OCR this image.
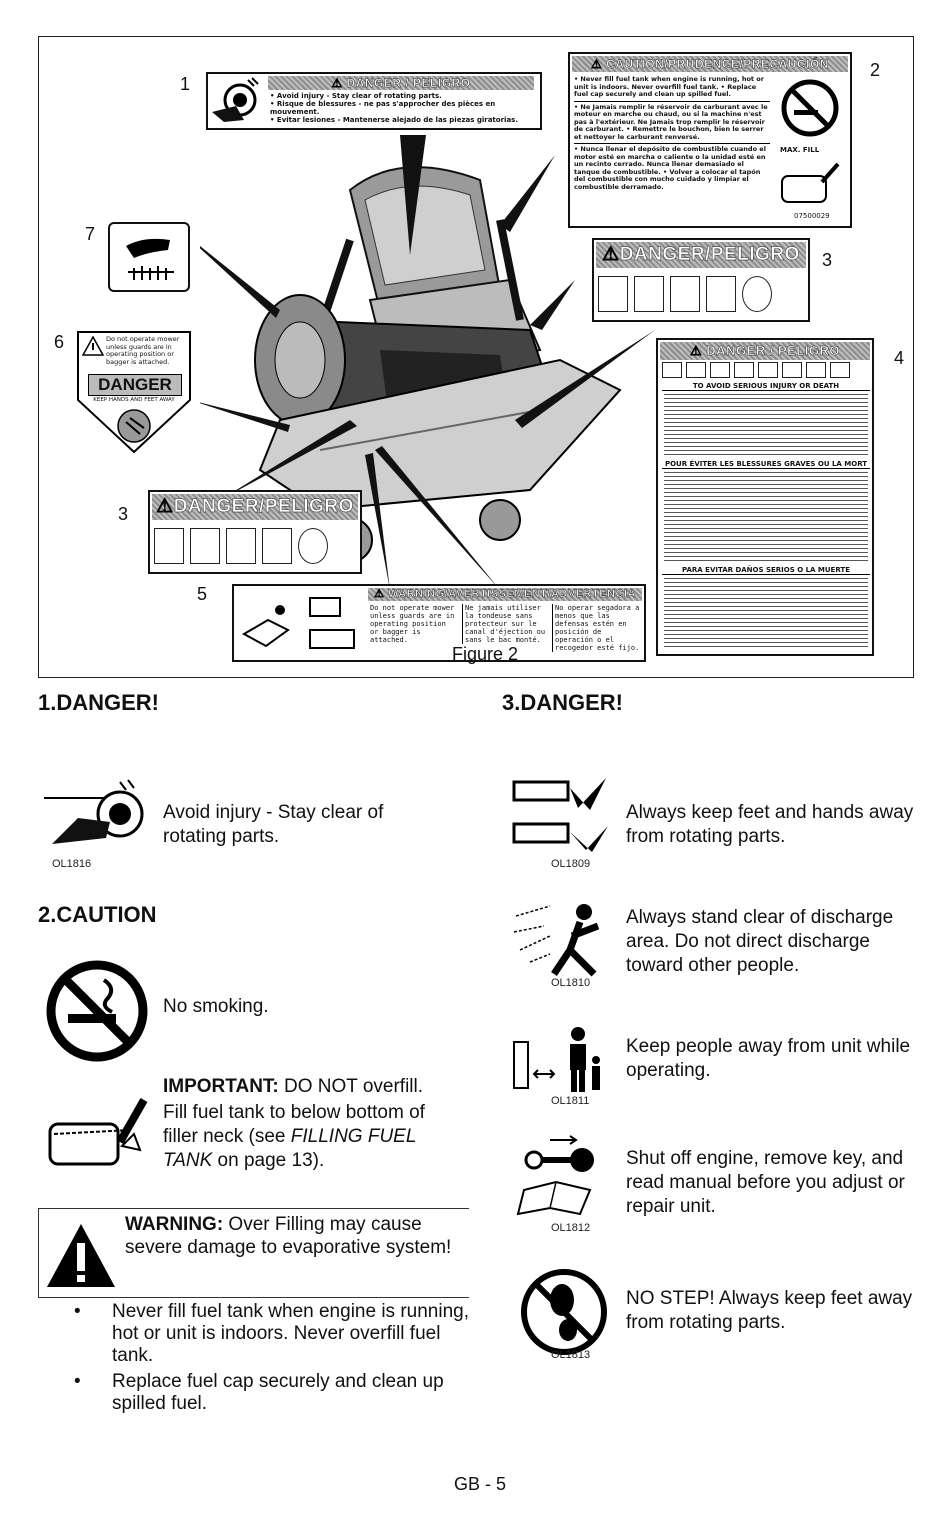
1
2
3
4
5
6
7
3
⚠ DANGER / PELIGRO
• Avoid injury - Stay clear of rotating parts.
• Risque de blessures - ne pas s'approcher des pièces en mouvement.
• Evitar lesiones - Mantenerse alejado de las piezas giratorias.
⚠ CAUTION/PRUDENCE/PRECAUCIÓN
• Never fill fuel tank when engine is running, hot or unit is indoors. Never overfill fuel tank. • Replace fuel cap securely and clean up spilled fuel.
• Ne Jamais remplir le réservoir de carburant avec le moteur en marche ou chaud, ou si la machine n'est pas à l'extérieur. Ne Jamais trop remplir le réservoir de carburant. • Remettre le bouchon, bien le serrer et nettoyer le carburant renversé.
• Nunca llenar el depósito de combustible cuando el motor esté en marcha o caliente o la unidad esté en un recinto cerrado. Nunca llenar demasiado el tanque de combustible. • Volver a colocar el tapón del combustible con mucho cuidado y limpiar el combustible derramado.
MAX. FILL
07500029
⚠DANGER/PELIGRO
⚠ DANGER / PELIGRO
TO AVOID SERIOUS INJURY OR DEATH
POUR ÉVITER LES BLESSURES GRAVES OU LA MORT
PARA EVITAR DAÑOS SERIOS O LA MUERTE
⚠DANGER/PELIGRO
⚠ WARNING/AVERTISSEMENT/ADVERTENCIA
Do not operate mower unless guards are in operating position or bagger is attached.
Ne jamais utiliser la tondeuse sans protecteur sur le canal d'éjection ou sans le bac monté.
No operar segadora a menos que las defensas estén en posición de operación o el recogedor esté fijo.
Do not operate mower unless guards are in operating position or bagger is attached.
DANGER
KEEP HANDS AND FEET AWAY
Figure 2
1.DANGER!
OL1816
Avoid injury - Stay clear of rotating parts.
2.CAUTION
No smoking.
IMPORTANT: DO NOT overfill.
Fill fuel tank to below bottom of filler neck (see FILLING FUEL TANK on page 13).
WARNING: Over Filling may cause severe damage to evaporative system!
• Never fill fuel tank when engine is running, hot or unit is indoors. Never overfill fuel tank.
• Replace fuel cap securely and clean up spilled fuel.
3.DANGER!
OL1809
Always keep feet and hands away from rotating parts.
OL1810
Always stand clear of discharge area. Do not direct discharge toward other people.
OL1811
Keep people away from unit while operating.
OL1812
Shut off engine, remove key, and read manual before you adjust or repair unit.
OL1813
NO STEP! Always keep feet away from rotating parts.
GB - 5
